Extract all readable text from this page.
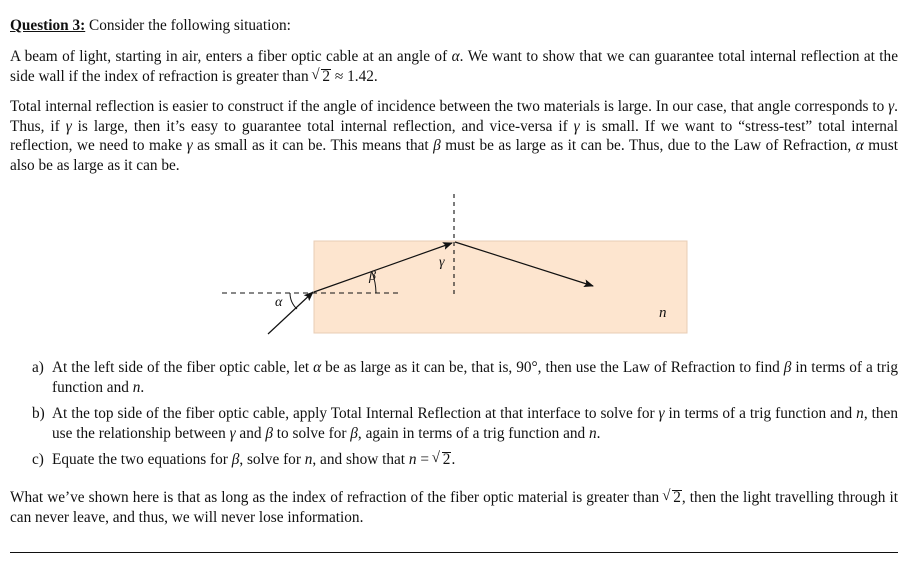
Question 3: Consider the following situation:

A beam of light, starting in air, enters a fiber optic cable at an angle of α. We want to show that we can guarantee total internal reflection at the side wall if the index of refraction is greater than √ 2 ≈ 1.42.

Total internal reflection is easier to construct if the angle of incidence between the two materials is large. In our case, that angle corresponds to γ. Thus, if γ is large, then it’s easy to guarantee total internal reflection, and vice-versa if γ is small. If we want to “stress-test” total internal reflection, we need to make γ as small as it can be. This means that β must be as large as it can be. Thus, due to the Law of Refraction, α must also be as large as it can be.

α
β
γ
n
a) At the left side of the fiber optic cable, let α be as large as it can be, that is, 90°, then use the Law of Refraction to find β in terms of a trig function and n.
b) At the top side of the fiber optic cable, apply Total Internal Reflection at that interface to solve for γ in terms of a trig function and n, then use the relationship between γ and β to solve for β, again in terms of a trig function and n.
c) Equate the two equations for β, solve for n, and show that n = √ 2.

What we’ve shown here is that as long as the index of refraction of the fiber optic material is greater than √ 2, then the light travelling through it can never leave, and thus, we will never lose information.
